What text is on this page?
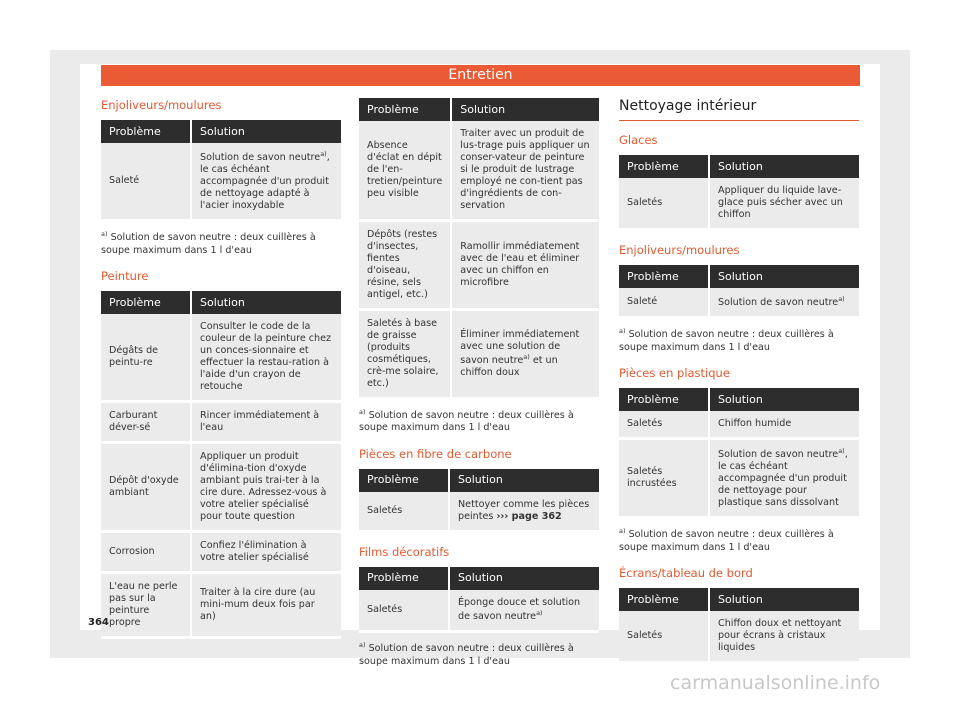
Entretien
Enjoliveurs/moulures
Problème	Solution
Saleté	Solution de savon neutre$^{a)}$, le cas échéant accompagnée d'un produit de nettoyage adapté à l'acier inoxydable
$^{a)}$ Solution de savon neutre : deux cuillères à soupe maximum dans 1 l d'eau
Peinture
Problème	Solution
Dégâts de peintu-re	Consulter le code de la couleur de la peinture chez un conces-sionnaire et effectuer la restau-ration à l'aide d'un crayon de retouche
Carburant déver-sé	Rincer immédiatement à l'eau
Dépôt d'oxyde ambiant	Appliquer un produit d'élimina-tion d'oxyde ambiant puis trai-ter à la cire dure. Adressez-vous à votre atelier spécialisé pour toute question
Corrosion	Confiez l'élimination à votre atelier spécialisé
L'eau ne perle pas sur la peinture propre	Traiter à la cire dure (au mini-mum deux fois par an)
Problème	Solution
Absence d'éclat en dépit de l'en-tretien/peinture peu visible	Traiter avec un produit de lus-trage puis appliquer un conser-vateur de peinture si le produit de lustrage employé ne con-tient pas d'ingrédients de con-servation
Dépôts (restes d'insectes, fientes d'oiseau, résine, sels antigel, etc.)	Ramollir immédiatement avec de l'eau et éliminer avec un chiffon en microfibre
Saletés à base de graisse (produits cosmétiques, crè-me solaire, etc.)	Éliminer immédiatement avec une solution de savon neutre$^{a)}$ et un chiffon doux
$^{a)}$ Solution de savon neutre : deux cuillères à soupe maximum dans 1 l d'eau
Pièces en fibre de carbone
Problème	Solution
Saletés	Nettoyer comme les pièces peintes ››› page 362
Films décoratifs
Problème	Solution
Saletés	Éponge douce et solution de savon neutre$^{a)}$
$^{a)}$ Solution de savon neutre : deux cuillères à soupe maximum dans 1 l d'eau
Nettoyage intérieur
Glaces
Problème	Solution
Saletés	Appliquer du liquide lave-glace puis sécher avec un chiffon
Enjoliveurs/moulures
Problème	Solution
Saleté	Solution de savon neutre$^{a)}$
$^{a)}$ Solution de savon neutre : deux cuillères à soupe maximum dans 1 l d'eau
Pièces en plastique
Problème	Solution
Saletés	Chiffon humide
Saletés incrustées	Solution de savon neutre$^{a)}$, le cas échéant accompagnée d'un produit de nettoyage pour plastique sans dissolvant
$^{a)}$ Solution de savon neutre : deux cuillères à soupe maximum dans 1 l d'eau
Écrans/tableau de bord
Problème	Solution
Saletés	Chiffon doux et nettoyant pour écrans à cristaux liquides
364
carmanualsonline.info
